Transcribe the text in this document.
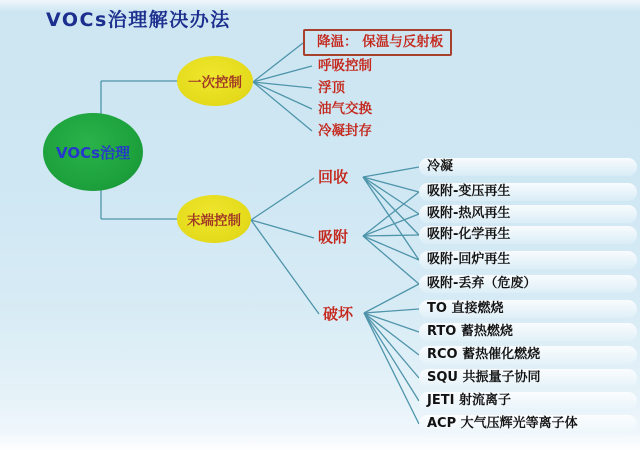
VOCs治理解决办法
VOCs治理
一次控制
末端控制
降温： 保温与反射板
呼吸控制
浮顶
油气交换
冷凝封存
回收
吸附
破坏
冷凝
吸附-变压再生
吸附-热风再生
吸附-化学再生
吸附-回炉再生
吸附-丢弃（危废）
TO 直接燃烧
RTO 蓄热燃烧
RCO 蓄热催化燃烧
SQU 共振量子协同
JETI 射流离子
ACP 大气压辉光等离子体
